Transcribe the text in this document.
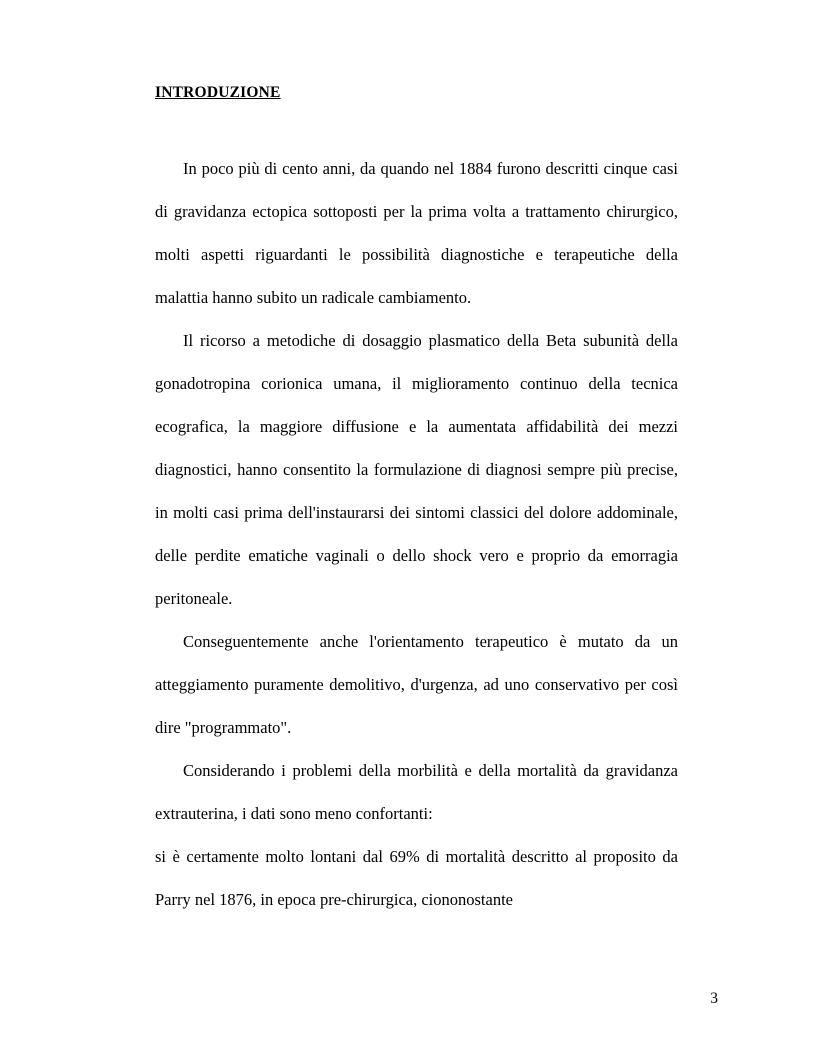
INTRODUZIONE

In poco più di cento anni, da quando nel 1884 furono descritti cinque casi di gravidanza ectopica sottoposti per la prima volta a trattamento chirurgico, molti aspetti riguardanti le possibilità diagnostiche e terapeutiche della malattia hanno subito un radicale cambiamento.

Il ricorso a metodiche di dosaggio plasmatico della Beta subunità della gonadotropina corionica umana, il miglioramento continuo della tecnica ecografica, la maggiore diffusione e la aumentata affidabilità dei mezzi diagnostici, hanno consentito la formulazione di diagnosi sempre più precise, in molti casi prima dell'instaurarsi dei sintomi classici del dolore addominale, delle perdite ematiche vaginali o dello shock vero e proprio da emorragia peritoneale.

Conseguentemente anche l'orientamento terapeutico è mutato da un atteggiamento puramente demolitivo, d'urgenza, ad uno conservativo per così dire "programmato".

Considerando i problemi della morbilità e della mortalità da gravidanza extrauterina, i dati sono meno confortanti:

si è certamente molto lontani dal 69% di mortalità descritto al proposito da Parry nel 1876, in epoca pre-chirurgica, ciononostante

3
